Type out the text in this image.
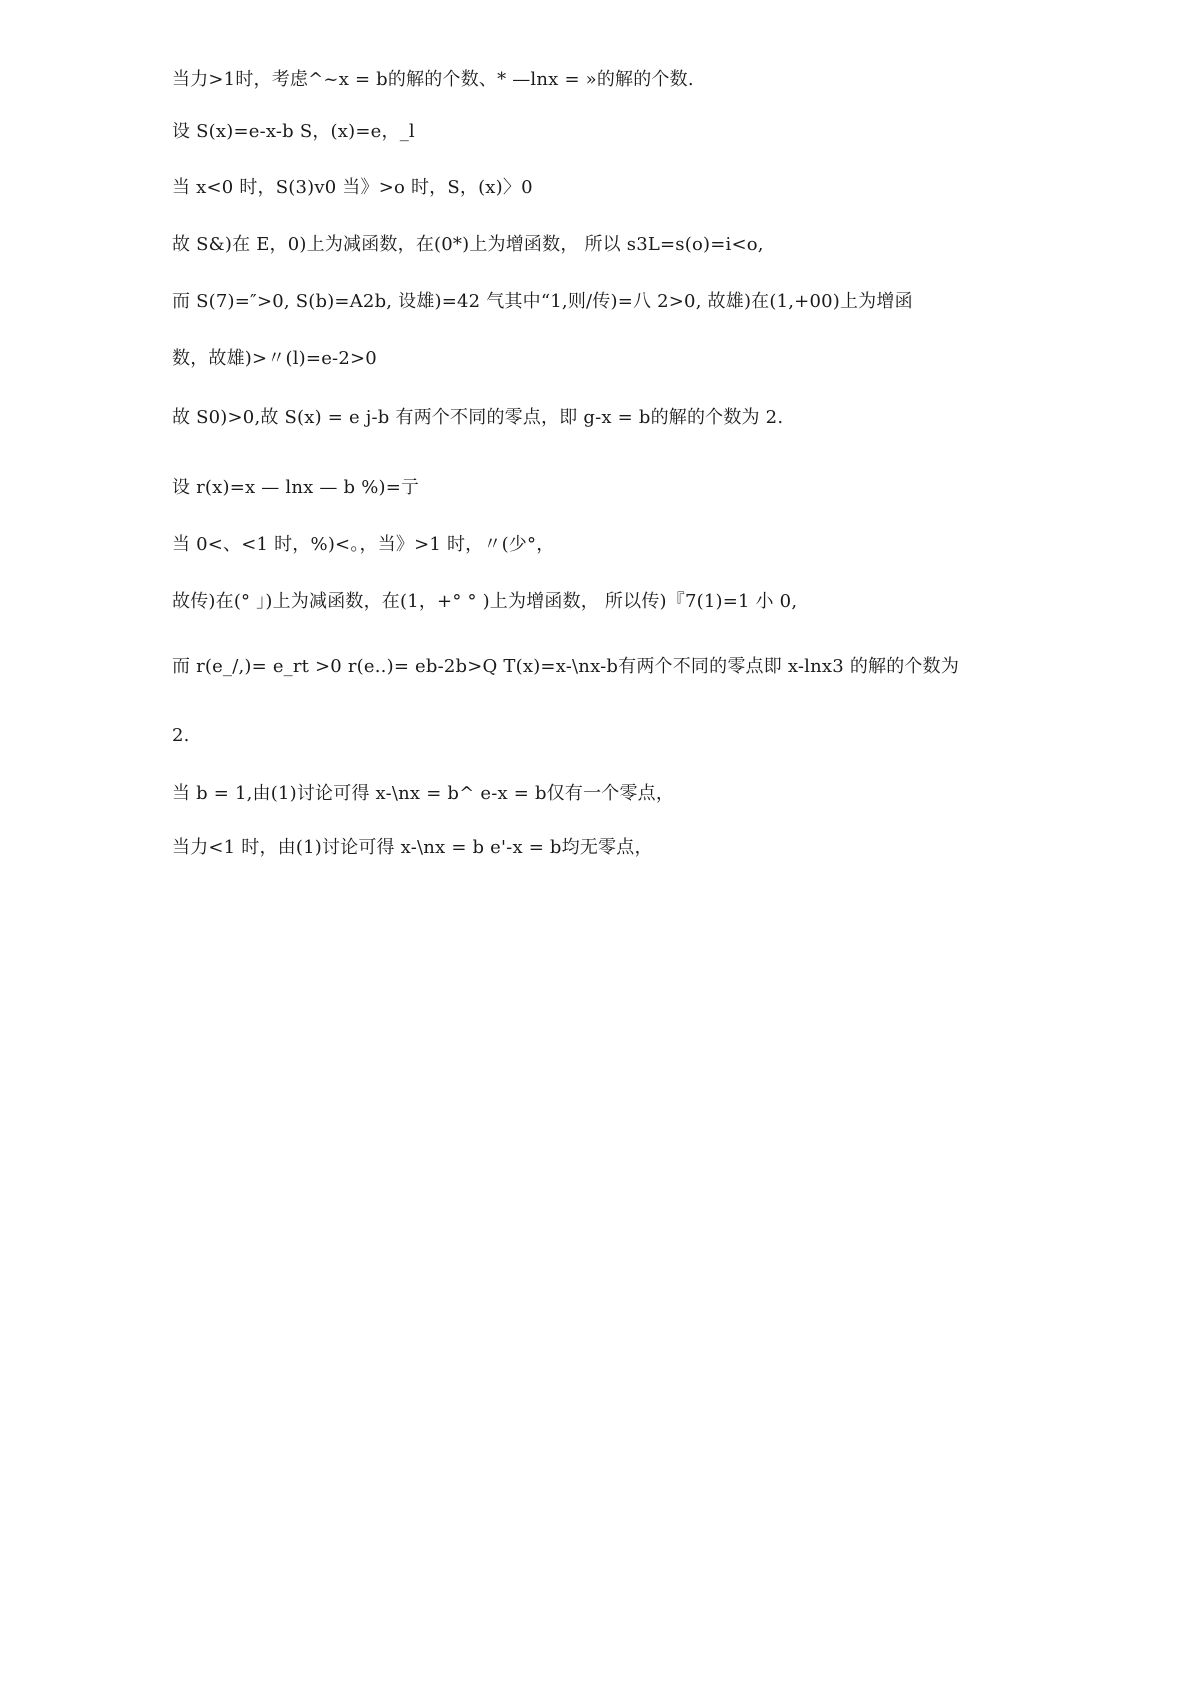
当力>1时，考虑^~x = b的解的个数、* —lnx = »的解的个数.
设 S(x)=e-x-b S，(x)=e，_l
当 x<0 时，S(3)v0 当》>o 时，S，(x)〉0
故 S&)在 E，0)上为减函数，在(0*)上为增函数， 所以 s3L=s(o)=i<o,
而 S(7)=″>0, S(b)=A2b, 设雄)=42 气其中“1,则/传)=八 2>0, 故雄)在(1,+00)上为增函
数，故雄)>〃(l)=e-2>0
故 S0)>0,故 S(x) = e j-b 有两个不同的零点，即 g-x = b的解的个数为 2.
设 r(x)=x — lnx — b %)=亍
当 0<、<1 时，%)<。，当》>1 时，〃(少°，
故传)在(° 」)上为减函数，在(1，+° ° )上为增函数， 所以传)『7(1)=1 小 0,
而 r(e_/,)= e_rt >0 r(e..)= eb-2b>Q T(x)=x-\nx-b有两个不同的零点即 x-lnx3 的解的个数为
2.
当 b = 1,由(1)讨论可得 x-\nx = b^ e-x = b仅有一个零点，
当力<1 时，由(1)讨论可得 x-\nx = b e'-x = b均无零点，
